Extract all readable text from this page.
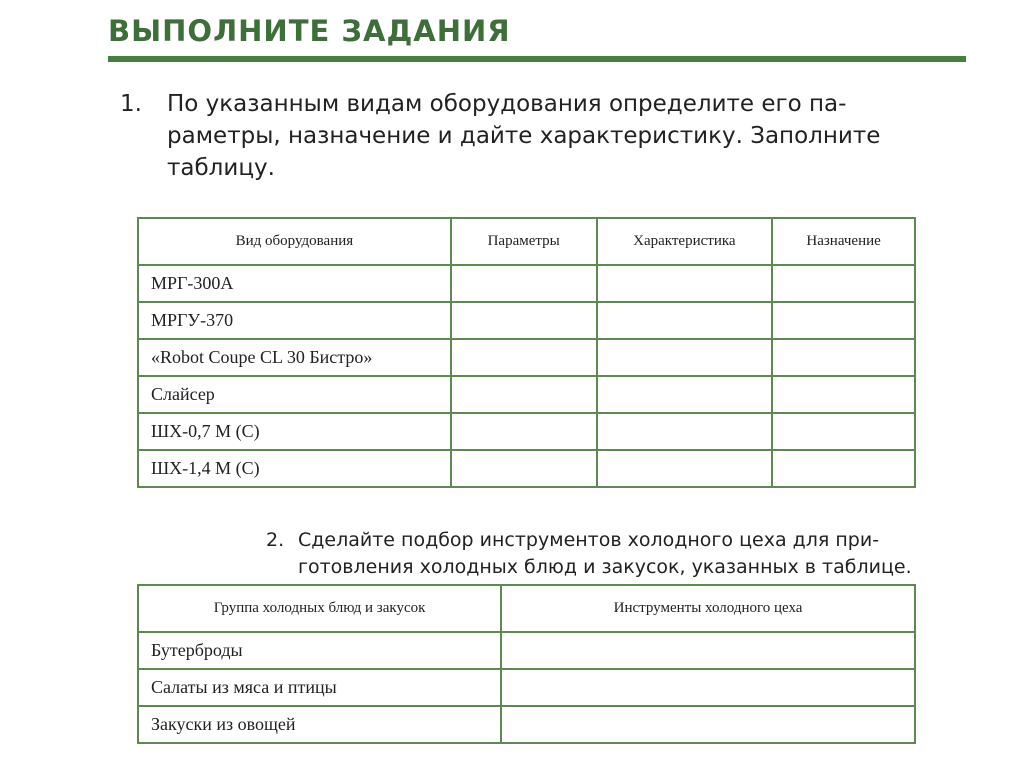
ВЫПОЛНИТЕ ЗАДАНИЯ
1. По указанным видам оборудования определите его па-
раметры, назначение и дайте характеристику. Заполните
таблицу.
Вид оборудования	Параметры	Характеристика	Назначение
МРГ-300А			
МРГУ-370			
«Robot Coupe CL 30 Бистро»			
Слайсер			
ШХ-0,7 М (С)			
ШХ-1,4 М (С)			
2. Сделайте подбор инструментов холодного цеха для при-
готовления холодных блюд и закусок, указанных в таблице.
Группа холодных блюд и закусок	Инструменты холодного цеха
Бутерброды	
Салаты из мяса и птицы	
Закуски из овощей	
